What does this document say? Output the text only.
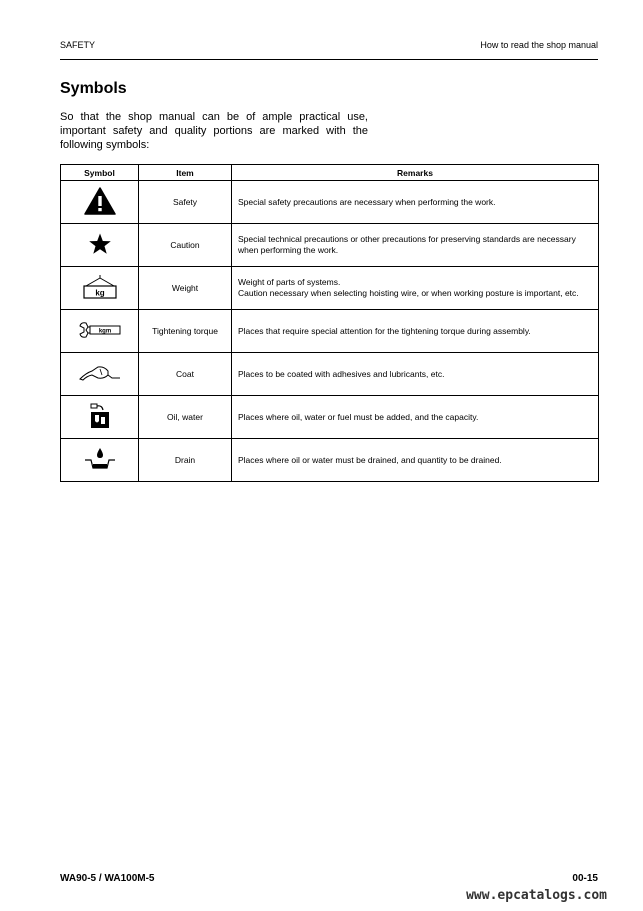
SAFETY	How to read the shop manual
Symbols

So that the shop manual can be of ample practical use, important safety and quality portions are marked with the following symbols:

Symbol	Item	Remarks
	Safety	Special safety precautions are necessary when performing the work.

	Caution	Special technical precautions or other precautions for preserving standards are necessary when performing the work.

kg	Weight	Weight of parts of systems.
Caution necessary when selecting hoisting wire, or when working posture is important, etc.

kgm	Tightening torque	Places that require special attention for the tightening torque during assembly.

	Coat	Places to be coated with adhesives and lubricants, etc.

	Oil, water	Places where oil, water or fuel must be added, and the capacity.

	Drain	Places where oil or water must be drained, and quantity to be drained.
WA90-5 / WA100M-5	00-15
www.epcatalogs.com
